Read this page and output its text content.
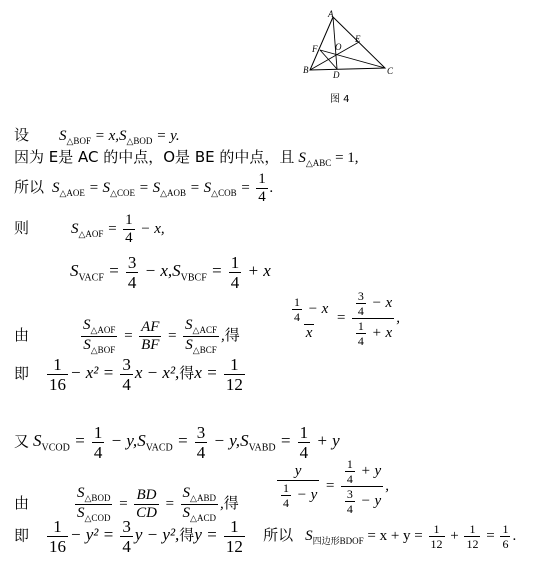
A
B	C
D
E
F O
图 4
设 $S_{\triangle BOF} = x,S_{\triangle BOD} = y$.
因为 E是 AC 的中点，O是 BE 的中点，且 $S_{\triangle ABC} = 1$,
所以 $S_{\triangle AOE} = S_{\triangle COE} = S_{\triangle AOB} = S_{\triangle COB} = \frac{1}{4}$ .
则	$S_{\triangle AOF} = \frac{1}{4} - x$,
$S_{VACF} = \frac{3}{4} - x,S_{VBCF} = \frac{1}{4} + x$
$\frac{\frac{1}{4} - x}{x} = \frac{\frac{3}{4} - x}{\frac{1}{4} + x}$ ,
由	$\frac{S_{\triangle AOF}}{S_{\triangle BOF}} = \frac{AF}{BF} = \frac{S_{\triangle ACF}}{S_{\triangle BCF}}$ ,得
即 $\frac{1}{16} - x^2 = \frac{3}{4}$ x − x²,得$x = \frac{1}{12}$
又 $S_{VCOD} = \frac{1}{4} - y,S_{VACD} = \frac{3}{4} - y,S_{VABD} = \frac{1}{4} + y$
$\frac{y}{\frac{1}{4} - y} = \frac{\frac{1}{4} + y}{\frac{3}{4} - y}$ ,
由	$\frac{S_{\triangle BOD}}{S_{\triangle COD}} = \frac{BD}{CD} = \frac{S_{\triangle ABD}}{S_{\triangle ACD}}$ ,得
即 $\frac{1}{16} - y^2 = \frac{3}{4}$ y − y²,得$y = \frac{1}{12}$ 所以 $S_{四边形BDOF} = x + y = \frac{1}{12} + \frac{1}{12} = \frac{1}{6}$ .
